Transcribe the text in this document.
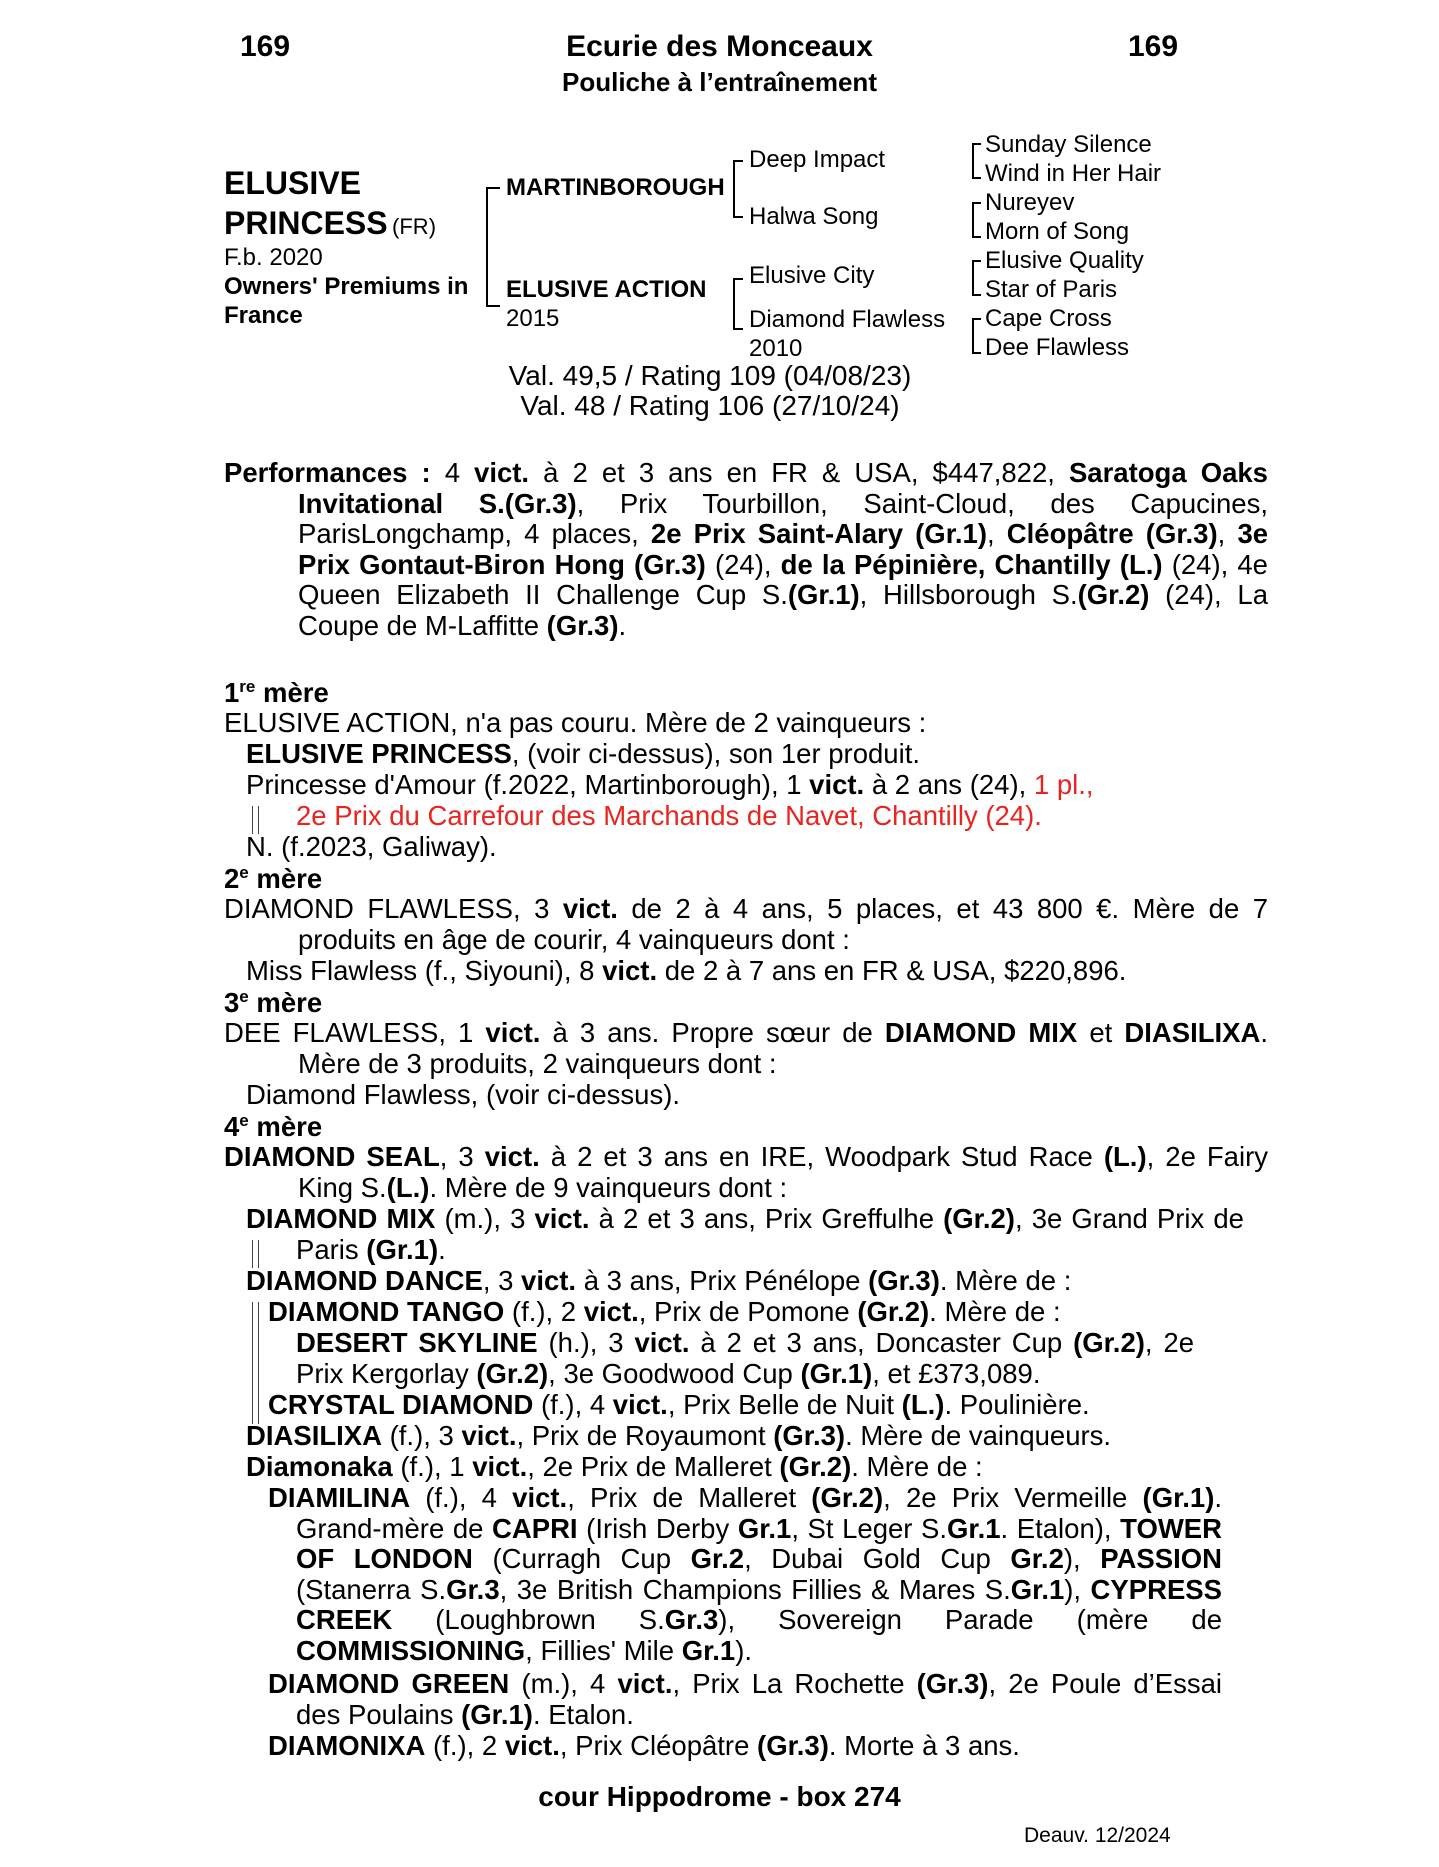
169	Ecurie des Monceaux	169
Pouliche à l’entraînement
ELUSIVE
PRINCESS (FR)
F.b. 2020
Owners' Premiums in
France
MARTINBOROUGH
ELUSIVE ACTION
2015
Deep Impact
Halwa Song
Elusive City
Diamond Flawless
2010
Sunday Silence
Wind in Her Hair
Nureyev
Morn of Song
Elusive Quality
Star of Paris
Cape Cross
Dee Flawless
Val. 49,5 / Rating 109 (04/08/23)
Val. 48 / Rating 106 (27/10/24)
Performances : 4 vict. à 2 et 3 ans en FR & USA, $447,822, Saratoga Oaks Invitational S.(Gr.3), Prix Tourbillon, Saint-Cloud, des Capucines, ParisLongchamp, 4 places, 2e Prix Saint-Alary (Gr.1), Cléopâtre (Gr.3), 3e Prix Gontaut-Biron Hong (Gr.3) (24), de la Pépinière, Chantilly (L.) (24), 4e Queen Elizabeth II Challenge Cup S.(Gr.1), Hillsborough S.(Gr.2) (24), La Coupe de M-Laffitte (Gr.3).
1re mère
ELUSIVE ACTION, n'a pas couru. Mère de 2 vainqueurs :
ELUSIVE PRINCESS, (voir ci-dessus), son 1er produit.
Princesse d'Amour (f.2022, Martinborough), 1 vict. à 2 ans (24), 1 pl.,
2e Prix du Carrefour des Marchands de Navet, Chantilly (24).
N. (f.2023, Galiway).
2e mère
DIAMOND FLAWLESS, 3 vict. de 2 à 4 ans, 5 places, et 43 800 €. Mère de 7 produits en âge de courir, 4 vainqueurs dont :
Miss Flawless (f., Siyouni), 8 vict. de 2 à 7 ans en FR & USA, $220,896.
3e mère
DEE FLAWLESS, 1 vict. à 3 ans. Propre sœur de DIAMOND MIX et DIASILIXA. Mère de 3 produits, 2 vainqueurs dont :
Diamond Flawless, (voir ci-dessus).
4e mère
DIAMOND SEAL, 3 vict. à 2 et 3 ans en IRE, Woodpark Stud Race (L.), 2e Fairy King S.(L.). Mère de 9 vainqueurs dont :
DIAMOND MIX (m.), 3 vict. à 2 et 3 ans, Prix Greffulhe (Gr.2), 3e Grand Prix de Paris (Gr.1).
DIAMOND DANCE, 3 vict. à 3 ans, Prix Pénélope (Gr.3). Mère de :
DIAMOND TANGO (f.), 2 vict., Prix de Pomone (Gr.2). Mère de :
DESERT SKYLINE (h.), 3 vict. à 2 et 3 ans, Doncaster Cup (Gr.2), 2e Prix Kergorlay (Gr.2), 3e Goodwood Cup (Gr.1), et £373,089.
CRYSTAL DIAMOND (f.), 4 vict., Prix Belle de Nuit (L.). Poulinière.
DIASILIXA (f.), 3 vict., Prix de Royaumont (Gr.3). Mère de vainqueurs.
Diamonaka (f.), 1 vict., 2e Prix de Malleret (Gr.2). Mère de :
DIAMILINA (f.), 4 vict., Prix de Malleret (Gr.2), 2e Prix Vermeille (Gr.1). Grand-mère de CAPRI (Irish Derby Gr.1, St Leger S.Gr.1. Etalon), TOWER OF LONDON (Curragh Cup Gr.2, Dubai Gold Cup Gr.2), PASSION (Stanerra S.Gr.3, 3e British Champions Fillies & Mares S.Gr.1), CYPRESS CREEK (Loughbrown S.Gr.3), Sovereign Parade (mère de COMMISSIONING, Fillies' Mile Gr.1).
DIAMOND GREEN (m.), 4 vict., Prix La Rochette (Gr.3), 2e Poule d’Essai des Poulains (Gr.1). Etalon.
DIAMONIXA (f.), 2 vict., Prix Cléopâtre (Gr.3). Morte à 3 ans.
cour Hippodrome - box 274
Deauv. 12/2024
